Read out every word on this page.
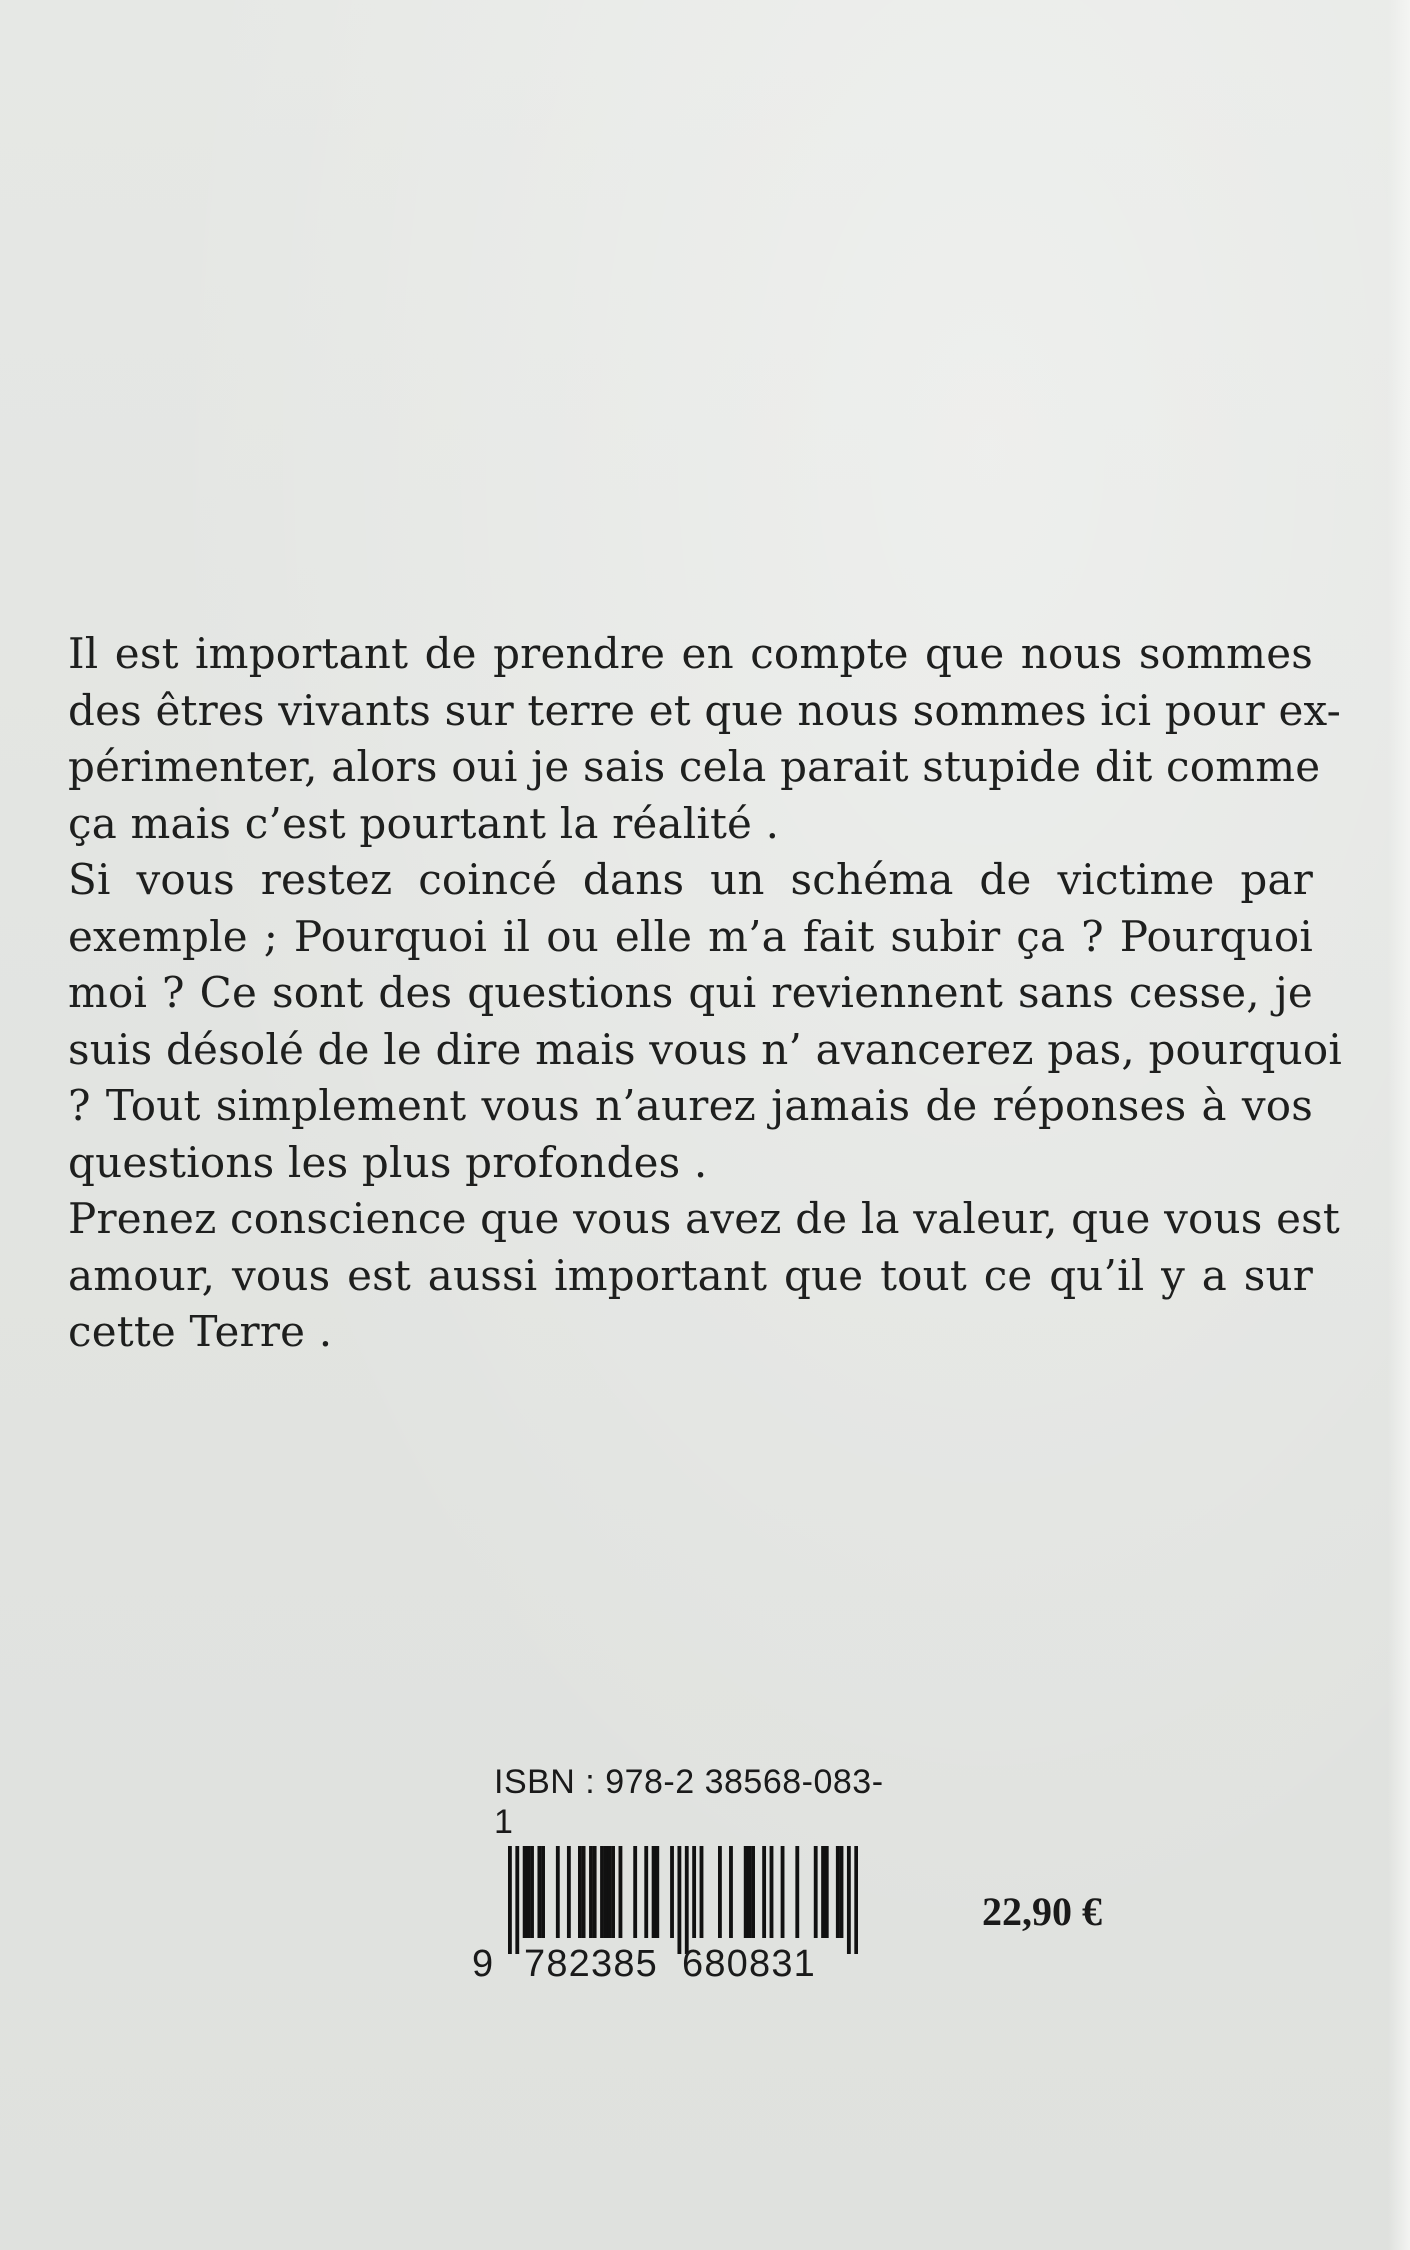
Il est important de prendre en compte que nous sommes
des êtres vivants sur terre et que nous sommes ici pour ex-
périmenter, alors oui je sais cela parait stupide dit comme
ça mais c’est pourtant la réalité .

Si vous restez coincé dans un schéma de victime par
exemple ; Pourquoi il ou elle m’a fait subir ça ? Pourquoi
moi ? Ce sont des questions qui reviennent sans cesse, je
suis désolé de le dire mais vous n’ avancerez pas, pourquoi
? Tout simplement vous n’aurez jamais de réponses à vos
questions les plus profondes .

Prenez conscience que vous avez de la valeur, que vous est
amour, vous est aussi important que tout ce qu’il y a sur
cette Terre .

ISBN : 978-2 38568-083-1
9 782385 680831
22,90 €
